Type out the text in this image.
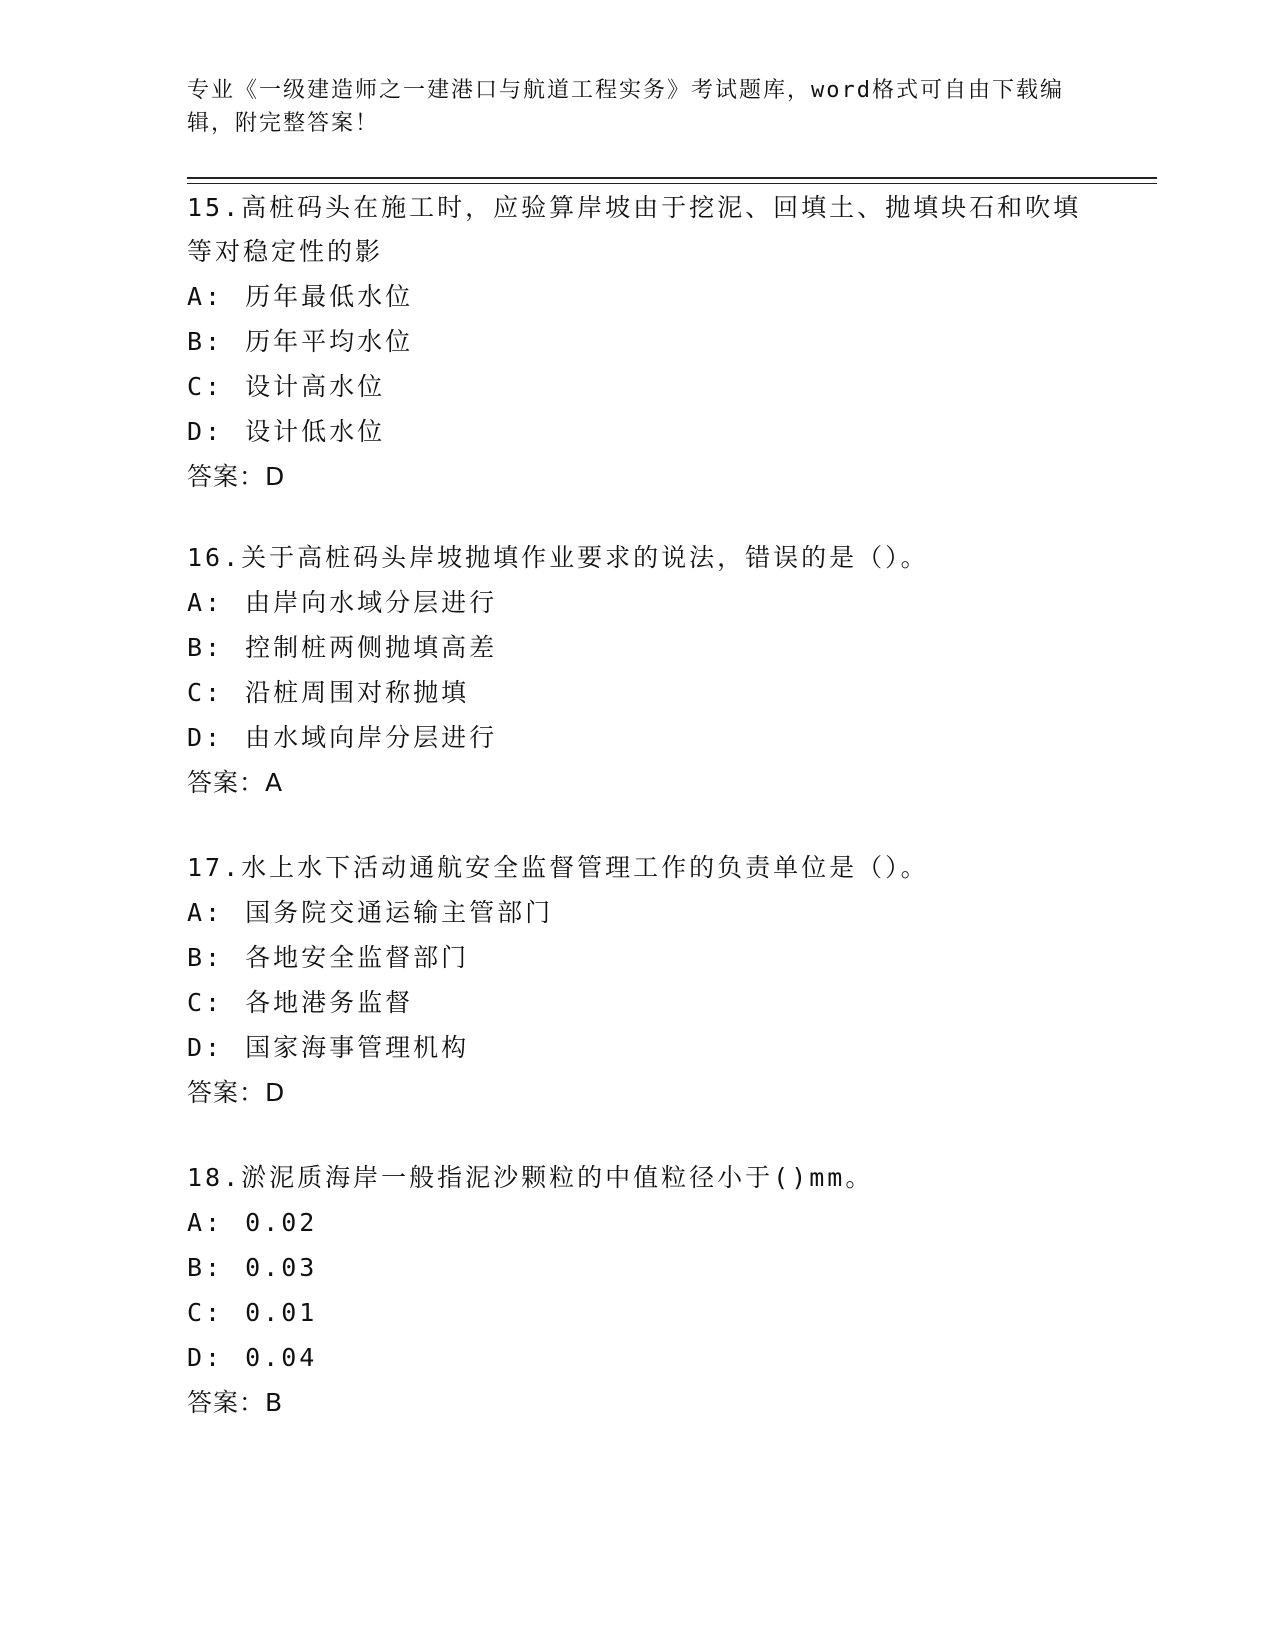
专业《一级建造师之一建港口与航道工程实务》考试题库，word格式可自由下载编辑，附完整答案！

15.高桩码头在施工时，应验算岸坡由于挖泥、回填土、抛填块石和吹填等对稳定性的影

A: 历年最低水位
B: 历年平均水位
C: 设计高水位
D: 设计低水位
答案：D

16.关于高桩码头岸坡抛填作业要求的说法，错误的是（）。

A: 由岸向水域分层进行
B: 控制桩两侧抛填高差
C: 沿桩周围对称抛填
D: 由水域向岸分层进行
答案：A

17.水上水下活动通航安全监督管理工作的负责单位是（）。

A: 国务院交通运输主管部门
B: 各地安全监督部门
C: 各地港务监督
D: 国家海事管理机构
答案：D

18.淤泥质海岸一般指泥沙颗粒的中值粒径小于()mm。

A: 0.02
B: 0.03
C: 0.01
D: 0.04
答案：B
